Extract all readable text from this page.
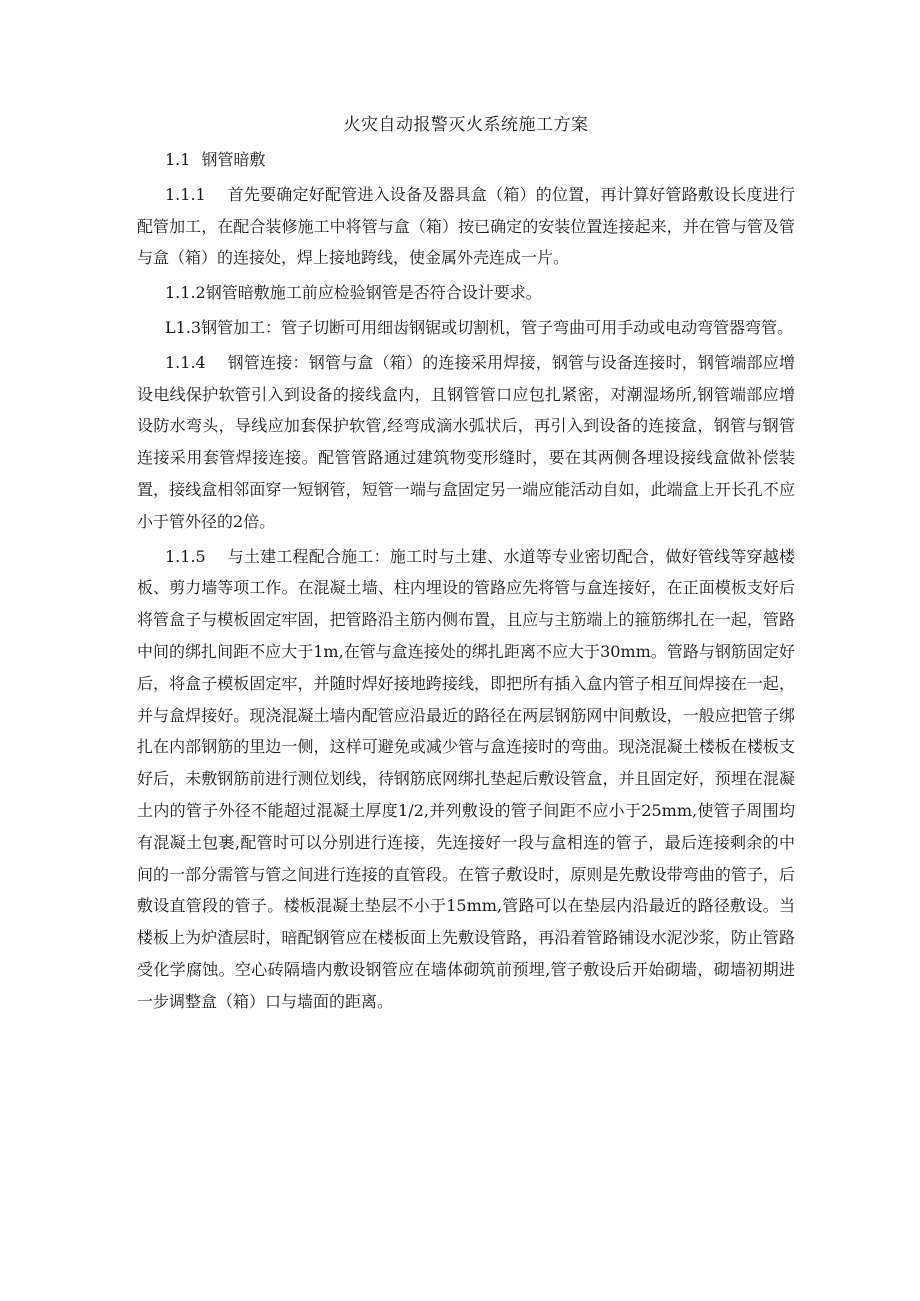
火灾自动报警灭火系统施工方案

1.1 钢管暗敷

1.1.1 首先要确定好配管进入设备及器具盒（箱）的位置，再计算好管路敷设长度进行配管加工，在配合装修施工中将管与盒（箱）按已确定的安装位置连接起来，并在管与管及管与盒（箱）的连接处，焊上接地跨线，使金属外壳连成一片。

1.1.2钢管暗敷施工前应检验钢管是否符合设计要求。

L1.3钢管加工：管子切断可用细齿钢锯或切割机，管子弯曲可用手动或电动弯管器弯管。

1.1.4 钢管连接：钢管与盒（箱）的连接采用焊接，钢管与设备连接时，钢管端部应增设电线保护软管引入到设备的接线盒内，且钢管管口应包扎紧密，对潮湿场所,钢管端部应增设防水弯头，导线应加套保护软管,经弯成滴水弧状后，再引入到设备的连接盒，钢管与钢管连接采用套管焊接连接。配管管路通过建筑物变形缝时，要在其两侧各埋设接线盒做补偿装置，接线盒相邻面穿一短钢管，短管一端与盒固定另一端应能活动自如，此端盒上开长孔不应小于管外径的2倍。

1.1.5 与土建工程配合施工：施工时与土建、水道等专业密切配合，做好管线等穿越楼板、剪力墙等项工作。在混凝土墙、柱内埋设的管路应先将管与盒连接好，在正面模板支好后将管盒子与模板固定牢固，把管路沿主筋内侧布置，且应与主筋端上的箍筋绑扎在一起，管路中间的绑扎间距不应大于1m,在管与盒连接处的绑扎距离不应大于30mm。管路与钢筋固定好后，将盒子模板固定牢，并随时焊好接地跨接线，即把所有插入盒内管子相互间焊接在一起，并与盒焊接好。现浇混凝土墙内配管应沿最近的路径在两层钢筋网中间敷设，一般应把管子绑扎在内部钢筋的里边一侧，这样可避免或减少管与盒连接时的弯曲。现浇混凝土楼板在楼板支好后，未敷钢筋前进行测位划线，待钢筋底网绑扎垫起后敷设管盒，并且固定好，预埋在混凝土内的管子外径不能超过混凝土厚度1/2,并列敷设的管子间距不应小于25mm,使管子周围均有混凝土包裹,配管时可以分别进行连接，先连接好一段与盒相连的管子，最后连接剩余的中间的一部分需管与管之间进行连接的直管段。在管子敷设时，原则是先敷设带弯曲的管子，后敷设直管段的管子。楼板混凝土垫层不小于15mm,管路可以在垫层内沿最近的路径敷设。当楼板上为炉渣层时，暗配钢管应在楼板面上先敷设管路，再沿着管路铺设水泥沙浆，防止管路受化学腐蚀。空心砖隔墙内敷设钢管应在墙体砌筑前预埋,管子敷设后开始砌墙，砌墙初期进一步调整盒（箱）口与墙面的距离。
